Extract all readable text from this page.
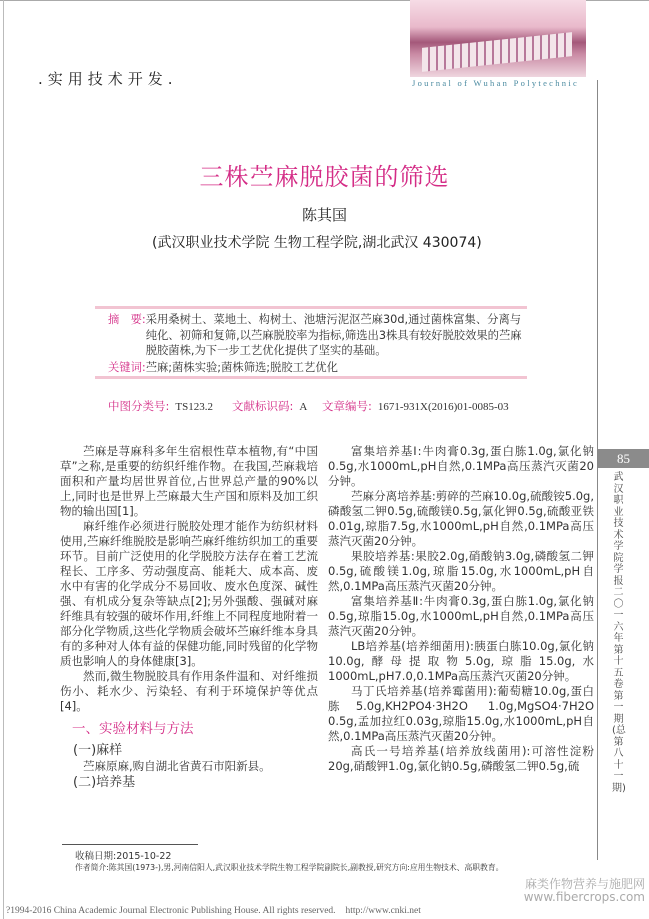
.实用技术开发.	Journal of Wuhan Polytechnic
三株苎麻脱胶菌的筛选
陈其国
(武汉职业技术学院 生物工程学院,湖北武汉 430074)
摘　要: 采用桑树土、菜地土、构树土、池塘污泥沤苎麻30d,通过菌株富集、分离与纯化、初筛和复筛,以苎麻脱胶率为指标,筛选出3株具有较好脱胶效果的苎麻脱胶菌株,为下一步工艺优化提供了坚实的基础。
关键词:苎麻;菌株实验;菌株筛选;脱胶工艺优化
中图分类号: TS123.2 文献标识码: A 文章编号: 1671-931X(2016)01-0085-03

苎麻是荨麻科多年生宿根性草本植物,有“中国草”之称,是重要的纺织纤维作物。在我国,苎麻栽培面积和产量均居世界首位,占世界总产量的90%以上,同时也是世界上苎麻最大生产国和原料及加工织物的输出国[1]。

麻纤维作必须进行脱胶处理才能作为纺织材料使用,苎麻纤维脱胶是影响苎麻纤维纺织加工的重要环节。目前广泛使用的化学脱胶方法存在着工艺流程长、工序多、劳动强度高、能耗大、成本高、废水中有害的化学成分不易回收、废水色度深、碱性强、有机成分复杂等缺点[2];另外强酸、强碱对麻纤维具有较强的破坏作用,纤维上不同程度地附着一部分化学物质,这些化学物质会破坏苎麻纤维本身具有的多种对人体有益的保健功能,同时残留的化学物质也影响人的身体健康[3]。

然而,微生物脱胶具有作用条件温和、对纤维损伤小、耗水少、污染轻、有利于环境保护等优点[4]。

一、实验材料与方法

(一)麻样

苎麻原麻,购自湖北省黄石市阳新县。

(二)培养基

富集培养基Ⅰ:牛肉膏0.3g,蛋白胨1.0g,氯化钠0.5g,水1000mL,pH自然,0.1MPa高压蒸汽灭菌20分钟。

苎麻分离培养基:剪碎的苎麻10.0g,硫酸铵5.0g,磷酸氢二钾0.5g,硫酸镁0.5g,氯化钾0.5g,硫酸亚铁0.01g,琼脂7.5g,水1000mL,pH自然,0.1MPa高压蒸汽灭菌20分钟。

果胶培养基:果胶2.0g,硝酸钠3.0g,磷酸氢二钾0.5g,硫酸镁1.0g,琼脂15.0g,水1000mL,pH自然,0.1MPa高压蒸汽灭菌20分钟。

富集培养基Ⅱ:牛肉膏0.3g,蛋白胨1.0g,氯化钠0.5g,琼脂15.0g,水1000mL,pH自然,0.1MPa高压蒸汽灭菌20分钟。

LB培养基(培养细菌用):胰蛋白胨10.0g,氯化钠10.0g,酵母提取物5.0g,琼脂15.0g,水1000mL,pH7.0,0.1MPa高压蒸汽灭菌20分钟。

马丁氏培养基(培养霉菌用):葡萄糖10.0g,蛋白胨5.0g,KH2PO4·3H2O 1.0g,MgSO4·7H2O 0.5g,孟加拉红0.03g,琼脂15.0g,水1000mL,pH自然,0.1MPa高压蒸汽灭菌20分钟。

高氏一号培养基(培养放线菌用):可溶性淀粉20g,硝酸钾1.0g,氯化钠0.5g,磷酸氢二钾0.5g,硫

收稿日期:2015-10-22
作者简介:陈其国(1973-),男,河南信阳人,武汉职业技术学院生物工程学院副院长,副教授,研究方向:应用生物技术、高职教育。
85
武汉职业技术学院学报二〇一六年第十五卷第一期(总第八十一期)
麻类作物营养与施肥网
www.fibercrops.com
?1994-2016 China Academic Journal Electronic Publishing House. All rights reserved. http://www.cnki.net
